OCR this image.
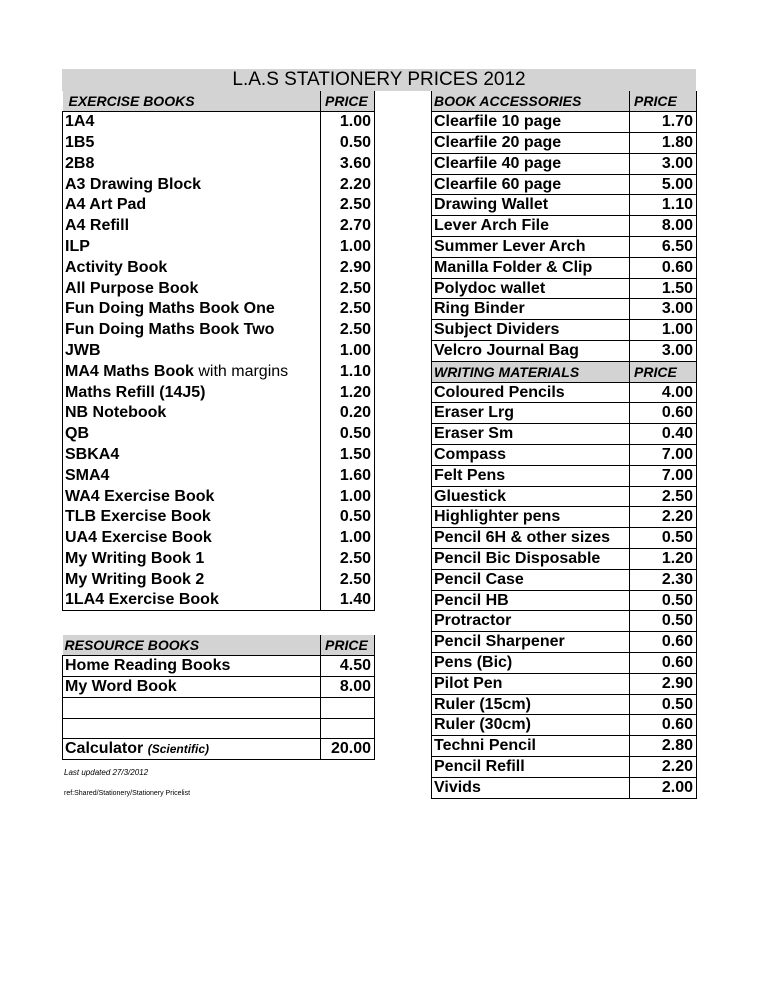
L.A.S STATIONERY PRICES 2012
EXERCISE BOOKS	PRICE
1A4	1.00
1B5	0.50
2B8	3.60
A3 Drawing Block	2.20
A4 Art Pad	2.50
A4 Refill	2.70
ILP	1.00
Activity Book	2.90
All Purpose Book	2.50
Fun Doing Maths Book One	2.50
Fun Doing Maths Book Two	2.50
JWB	1.00
MA4 Maths Book with margins	1.10
Maths Refill (14J5)	1.20
NB Notebook	0.20
QB	0.50
SBKA4	1.50
SMA4	1.60
WA4 Exercise Book	1.00
TLB Exercise Book	0.50
UA4 Exercise Book	1.00
My Writing Book 1	2.50
My Writing Book 2	2.50
1LA4 Exercise Book	1.40
RESOURCE BOOKS	PRICE
Home Reading Books	4.50
My Word Book	8.00

Calculator (Scientific)	20.00
BOOK ACCESSORIES	PRICE
Clearfile 10 page	1.70
Clearfile 20 page	1.80
Clearfile 40 page	3.00
Clearfile 60 page	5.00
Drawing Wallet	1.10
Lever Arch File	8.00
Summer Lever Arch	6.50
Manilla Folder & Clip	0.60
Polydoc wallet	1.50
Ring Binder	3.00
Subject Dividers	1.00
Velcro Journal Bag	3.00
WRITING MATERIALS	PRICE
Coloured Pencils	4.00
Eraser Lrg	0.60
Eraser Sm	0.40
Compass	7.00
Felt Pens	7.00
Gluestick	2.50
Highlighter pens	2.20
Pencil 6H & other sizes	0.50
Pencil Bic Disposable	1.20
Pencil Case	2.30
Pencil HB	0.50
Protractor	0.50
Pencil Sharpener	0.60
Pens (Bic)	0.60
Pilot Pen	2.90
Ruler (15cm)	0.50
Ruler (30cm)	0.60
Techni Pencil	2.80
Pencil Refill	2.20
Vivids	2.00
Last updated 27/3/2012
ref:Shared/Stationery/Stationery Pricelist
